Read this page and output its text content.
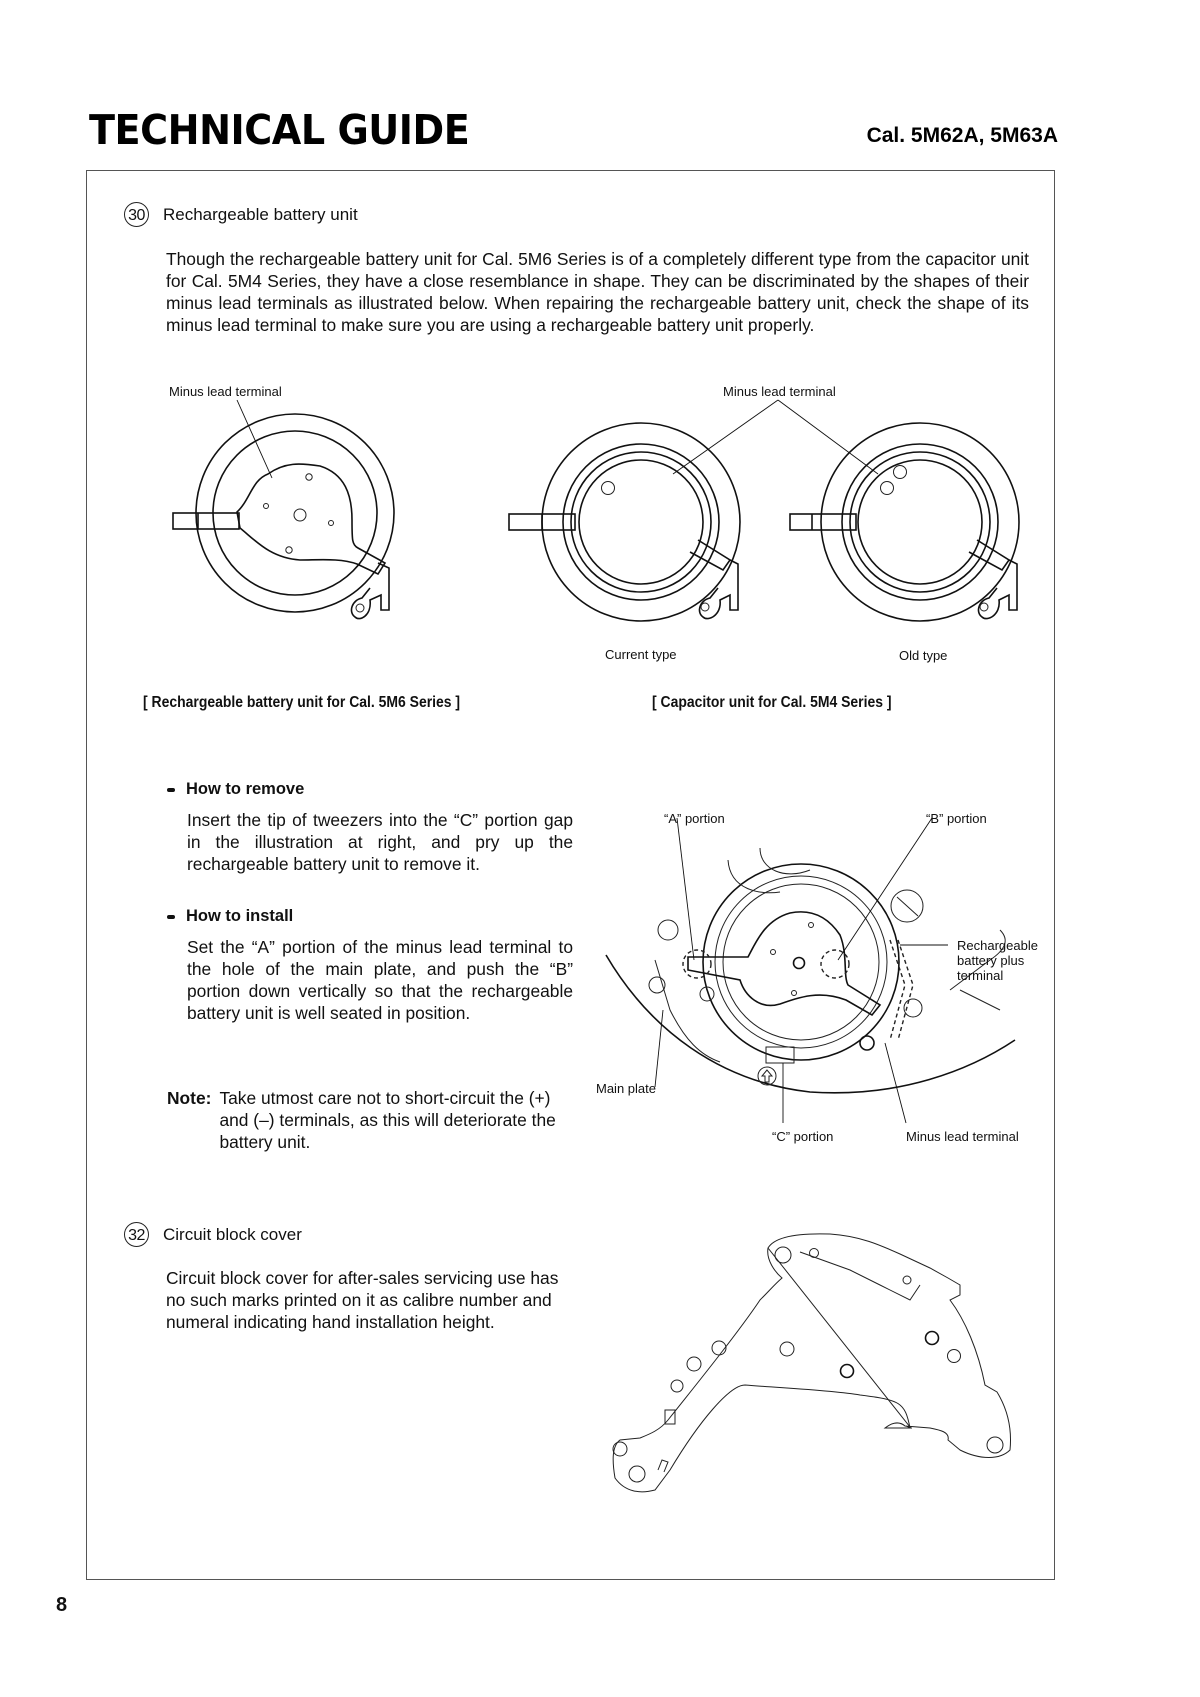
TECHNICAL GUIDE	Cal. 5M62A, 5M63A
30 Rechargeable battery unit
Though the rechargeable battery unit for Cal. 5M6 Series is of a completely different type from the capacitor unit for Cal. 5M4 Series, they have a close resemblance in shape. They can be discriminated by the shapes of their minus lead terminals as illustrated below. When repairing the rechargeable battery unit, check the shape of its minus lead terminal to make sure you are using a rechargeable battery unit properly.
Minus lead terminal	Minus lead terminal
Current type	Old type
[ Rechargeable battery unit for Cal. 5M6 Series ]	[ Capacitor unit for Cal. 5M4 Series ]
How to remove
Insert the tip of tweezers into the “C” portion gap in the illustration at right, and pry up the rechargeable battery unit to remove it.
How to install
Set the “A” portion of the minus lead terminal to the hole of the main plate, and push the “B” portion down vertically so that the rechargeable battery unit is well seated in position.
Note: Take utmost care not to short-circuit the (+) and (–) terminals, as this will deteriorate the battery unit.
“A” portion	“B” portion
Rechargeable
battery plus
terminal
Main plate
“C” portion	Minus lead terminal
32 Circuit block cover
Circuit block cover for after-sales servicing use has no such marks printed on it as calibre number and numeral indicating hand installation height.
8
